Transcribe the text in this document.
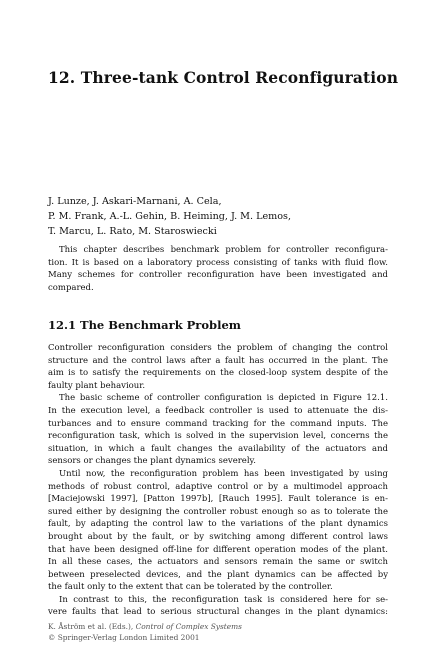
12. Three-tank Control Reconfiguration
J. Lunze, J. Askari-Marnani, A. Cela,
P. M. Frank, A.-L. Gehin, B. Heiming, J. M. Lemos,
T. Marcu, L. Rato, M. Staroswiecki
This chapter describes benchmark problem for controller reconfigura-
tion. It is based on a laboratory process consisting of tanks with fluid flow.
Many schemes for controller reconfiguration have been investigated and
compared.
12.1 The Benchmark Problem
Controller reconfiguration considers the problem of changing the control
structure and the control laws after a fault has occurred in the plant. The
aim is to satisfy the requirements on the closed-loop system despite of the
faulty plant behaviour.
The basic scheme of controller configuration is depicted in Figure 12.1.
In the execution level, a feedback controller is used to attenuate the dis-
turbances and to ensure command tracking for the command inputs. The
reconfiguration task, which is solved in the supervision level, concerns the
situation, in which a fault changes the availability of the actuators and
sensors or changes the plant dynamics severely.
Until now, the reconfiguration problem has been investigated by using
methods of robust control, adaptive control or by a multimodel approach
[Maciejowski 1997], [Patton 1997b], [Rauch 1995]. Fault tolerance is en-
sured either by designing the controller robust enough so as to tolerate the
fault, by adapting the control law to the variations of the plant dynamics
brought about by the fault, or by switching among different control laws
that have been designed off-line for different operation modes of the plant.
In all these cases, the actuators and sensors remain the same or switch
between preselected devices, and the plant dynamics can be affected by
the fault only to the extent that can be tolerated by the controller.
In contrast to this, the reconfiguration task is considered here for se-
vere faults that lead to serious structural changes in the plant dynamics:
K. Åström et al. (Eds.), Control of Complex Systems
© Springer-Verlag London Limited 2001
